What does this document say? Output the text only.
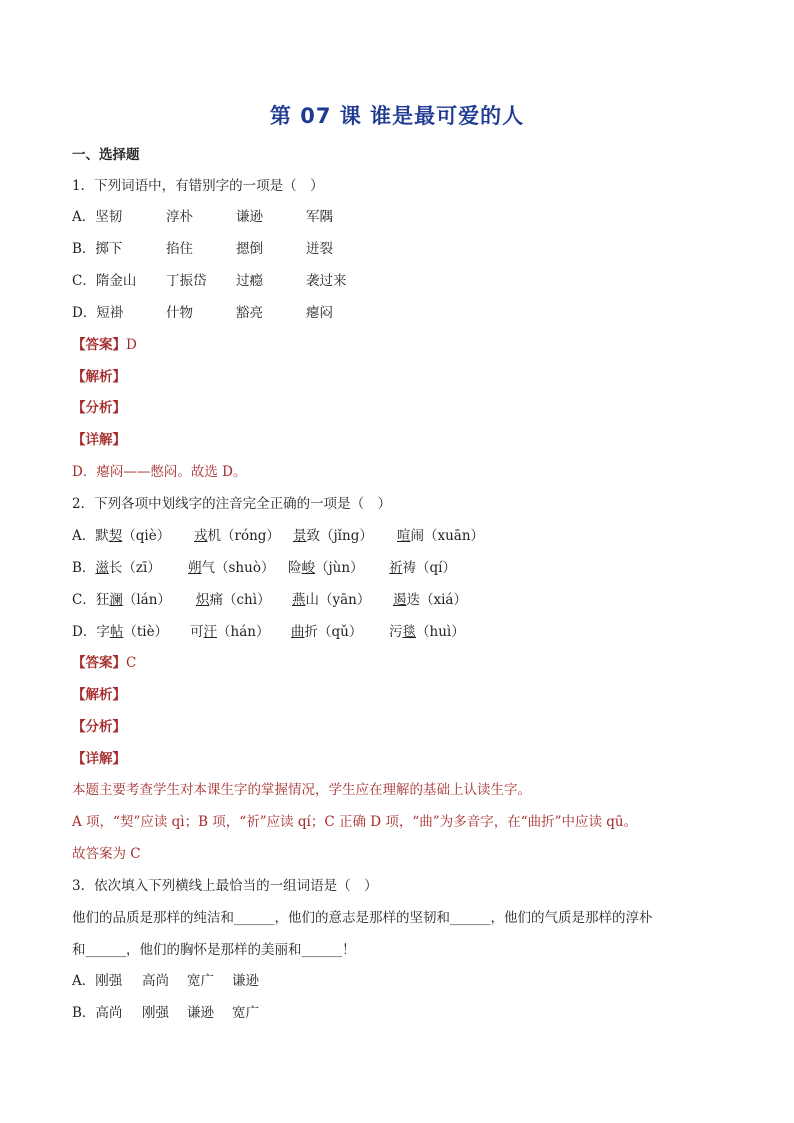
第 07 课 谁是最可爱的人
一、选择题
1．下列词语中，有错别字的一项是（　）
A．坚韧	淳朴	谦逊	军隅
B．掷下	掐住	摁倒	迸裂
C．隋金山 丁振岱 过瘾	袭过来
D．短褂	什物	豁亮	瘪闷
【答案】D
【解析】
【分析】
【详解】
D．瘪闷——憋闷。故选 D。
2．下列各项中划线字的注音完全正确的一项是（　）
A．默契（qiè） 戎机（róng） 景致（jǐng） 喧闹（xuān）
B．滋长（zī） 朔气（shuò） 险峻（jùn） 祈祷（qí）
C．狂澜（lán） 炽痛（chì） 燕山（yān） 遏迭（xiá）
D．字帖（tiè） 可汗（hán） 曲折（qǔ） 污毯（huì）
【答案】C
【解析】
【分析】
【详解】
本题主要考查学生对本课生字的掌握情况，学生应在理解的基础上认读生字。
A 项，“契”应读 qì；B 项，“祈”应读 qí；C 正确 D 项，“曲”为多音字，在“曲折”中应读 qū。
故答案为 C
3．依次填入下列横线上最恰当的一组词语是（　）
他们的品质是那样的纯洁和______，他们的意志是那样的坚韧和______，他们的气质是那样的淳朴
和______，他们的胸怀是那样的美丽和______！
A．刚强 高尚 宽广 谦逊
B．高尚 刚强 谦逊 宽广
